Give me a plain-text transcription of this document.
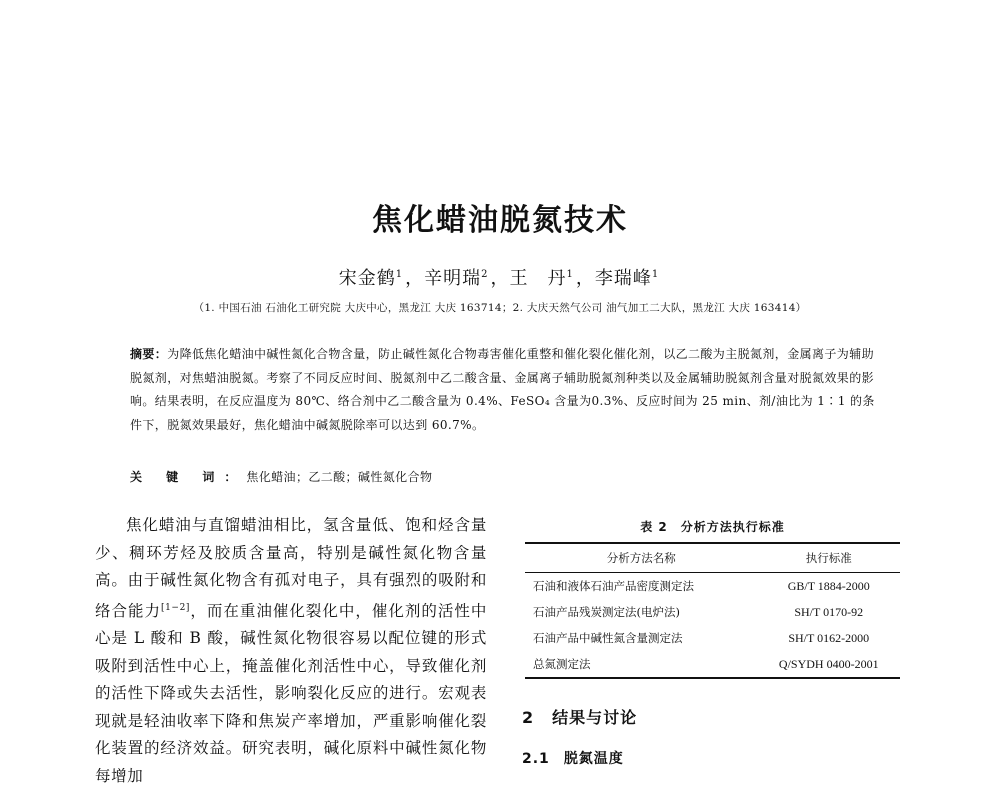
焦化蜡油脱氮技术
宋金鹤$^1$ ，辛明瑞$^2$ ，王　丹$^1$ ，李瑞峰$^1$
（1. 中国石油 石油化工研究院 大庆中心，黑龙江 大庆 163714；2. 大庆天然气公司 油气加工二大队，黑龙江 大庆 163414）
摘要：为降低焦化蜡油中碱性氮化合物含量，防止碱性氮化合物毒害催化重整和催化裂化催化剂，以乙二酸为主脱氮剂，金属离子为辅助脱氮剂，对焦蜡油脱氮。考察了不同反应时间、脱氮剂中乙二酸含量、金属离子辅助脱氮剂种类以及金属辅助脱氮剂含量对脱氮效果的影响。结果表明，在反应温度为 80℃、络合剂中乙二酸含量为 0.4%、FeSO₄ 含量为0.3%、反应时间为 25 min、剂/油比为 1∶1 的条件下，脱氮效果最好，焦化蜡油中碱氮脱除率可以达到 60.7%。
关 键 词：焦化蜡油；乙二酸；碱性氮化合物
焦化蜡油与直馏蜡油相比，氢含量低、饱和烃含量少、稠环芳烃及胶质含量高，特别是碱性氮化物含量高。由于碱性氮化物含有孤对电子，具有强烈的吸附和络合能力[1−2]，而在重油催化裂化中，催化剂的活性中心是 L 酸和 B 酸，碱性氮化物很容易以配位键的形式吸附到活性中心上，掩盖催化剂活性中心，导致催化剂的活性下降或失去活性，影响裂化反应的进行。宏观表现就是轻油收率下降和焦炭产率增加，严重影响催化裂化装置的经济效益。研究表明，碱化原料中碱性氮化物每增加
表 2　分析方法执行标准
分析方法名称	执行标准
石油和液体石油产品密度测定法	GB/T 1884-2000
石油产品残炭测定法(电炉法)	SH/T 0170-92
石油产品中碱性氮含量测定法	SH/T 0162-2000
总氮测定法	Q/SYDH 0400-2001
2 结果与讨论
2.1 脱氮温度
